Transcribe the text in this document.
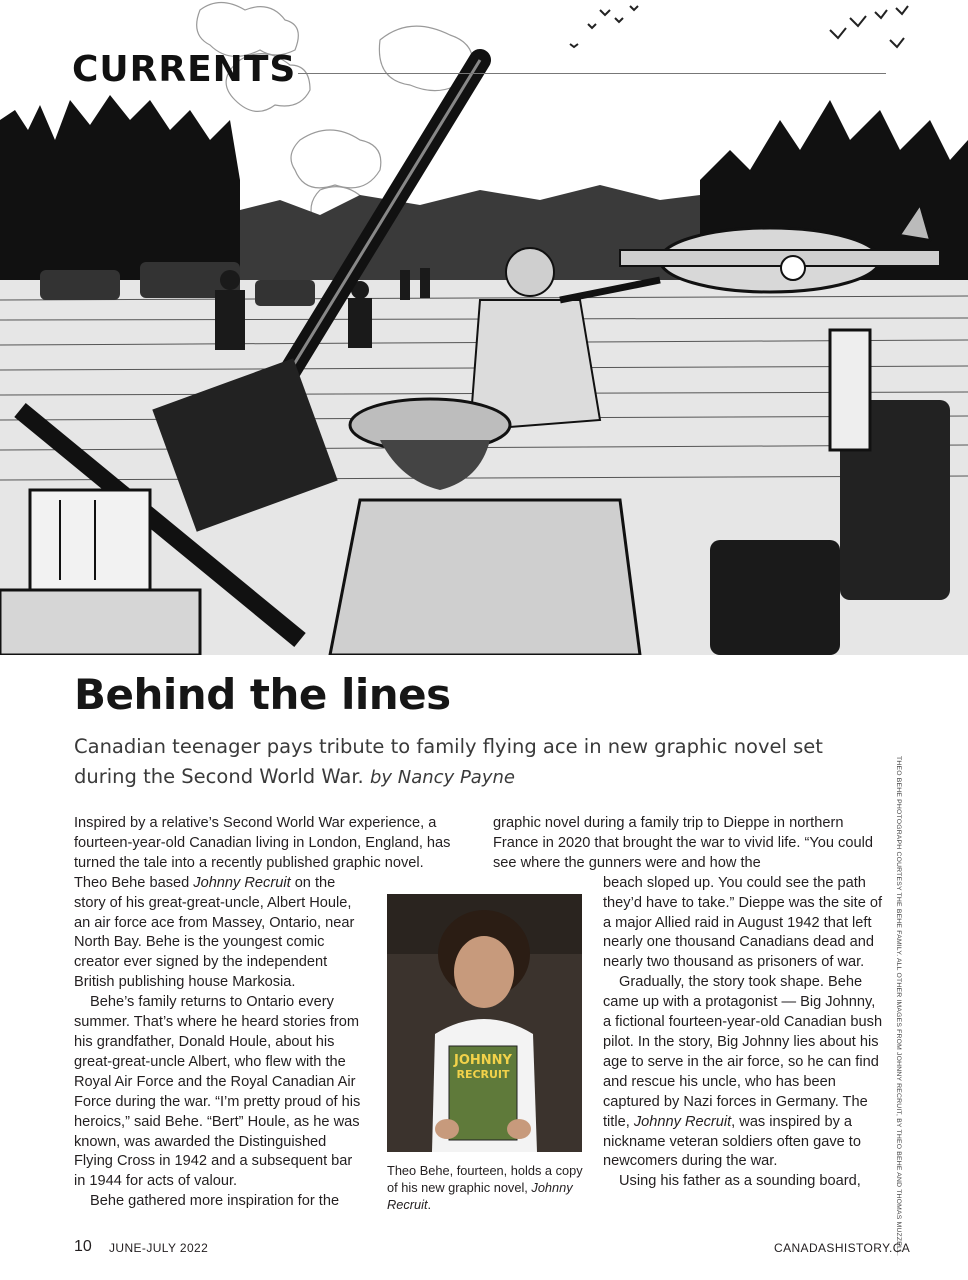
CURRENTS
Behind the lines

Canadian teenager pays tribute to family flying ace in new graphic novel set during the Second World War. by Nancy Payne

Inspired by a relative’s Second World War experience, a fourteen-year-old Canadian living in London, England, has turned the tale into a recently published graphic novel.

Theo Behe based Johnny Recruit on the story of his great-great-uncle, Albert Houle, an air force ace from Massey, Ontario, near North Bay. Behe is the youngest comic creator ever signed by the independent British publishing house Markosia.

Behe’s family returns to Ontario every summer. That’s where he heard stories from his grandfather, Donald Houle, about his great-great-uncle Albert, who flew with the Royal Air Force and the Royal Canadian Air Force during the war. “I’m pretty proud of his heroics,” said Behe. “Bert” Houle, as he was known, was awarded the Distinguished Flying Cross in 1942 and a subsequent bar in 1944 for acts of valour.

Behe gathered more inspiration for the

JOHNNY
RECRUIT

Theo Behe, fourteen, holds a copy of his new graphic novel, Johnny Recruit.

graphic novel during a family trip to Dieppe in northern France in 2020 that brought the war to vivid life. “You could see where the gunners were and how the

beach sloped up. You could see the path they’d have to take.” Dieppe was the site of a major Allied raid in August 1942 that left nearly one thousand Canadians dead and nearly two thousand as prisoners of war.

Gradually, the story took shape. Behe came up with a protagonist — Big Johnny, a fictional fourteen-year-old Canadian bush pilot. In the story, Big Johnny lies about his age to serve in the air force, so he can find and rescue his uncle, who has been captured by Nazi forces in Germany. The title, Johnny Recruit, was inspired by a nickname veteran soldiers often gave to newcomers during the war.

Using his father as a sounding board,	THEO BEHE PHOTOGRAPH COURTESY THE BEHE FAMILY. ALL OTHER IMAGES FROM JOHNNY RECRUIT, BY THEO BEHE AND THOMAS MUZZELL.
10 JUNE-JULY 2022	CANADASHISTORY.CA
